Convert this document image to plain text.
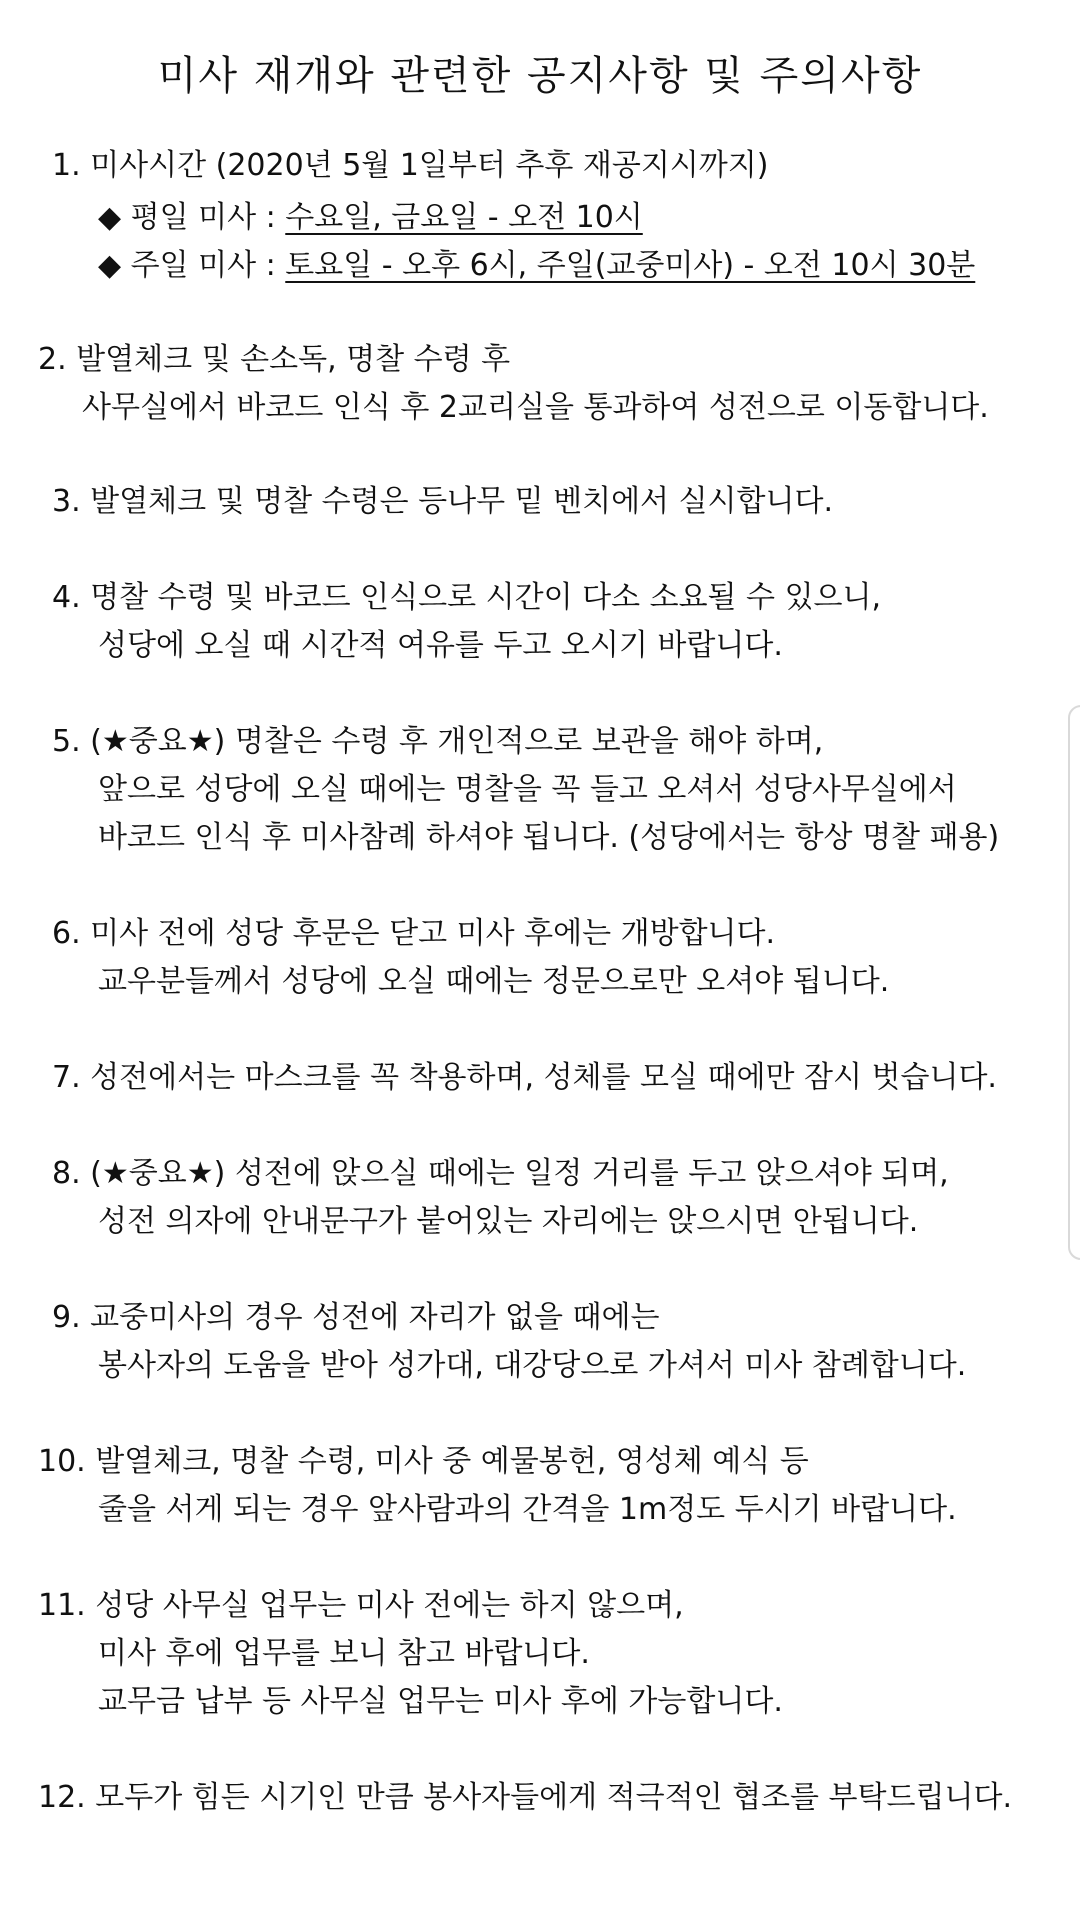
미사 재개와 관련한 공지사항 및 주의사항
1. 미사시간 (2020년 5월 1일부터 추후 재공지시까지)
◆ 평일 미사 : 수요일, 금요일 - 오전 10시
◆ 주일 미사 : 토요일 - 오후 6시, 주일(교중미사) - 오전 10시 30분
2. 발열체크 및 손소독, 명찰 수령 후
사무실에서 바코드 인식 후 2교리실을 통과하여 성전으로 이동합니다.
3. 발열체크 및 명찰 수령은 등나무 밑 벤치에서 실시합니다.
4. 명찰 수령 및 바코드 인식으로 시간이 다소 소요될 수 있으니,
성당에 오실 때 시간적 여유를 두고 오시기 바랍니다.
5. (★중요★) 명찰은 수령 후 개인적으로 보관을 해야 하며,
앞으로 성당에 오실 때에는 명찰을 꼭 들고 오셔서 성당사무실에서
바코드 인식 후 미사참례 하셔야 됩니다. (성당에서는 항상 명찰 패용)
6. 미사 전에 성당 후문은 닫고 미사 후에는 개방합니다.
교우분들께서 성당에 오실 때에는 정문으로만 오셔야 됩니다.
7. 성전에서는 마스크를 꼭 착용하며, 성체를 모실 때에만 잠시 벗습니다.
8. (★중요★) 성전에 앉으실 때에는 일정 거리를 두고 앉으셔야 되며,
성전 의자에 안내문구가 붙어있는 자리에는 앉으시면 안됩니다.
9. 교중미사의 경우 성전에 자리가 없을 때에는
봉사자의 도움을 받아 성가대, 대강당으로 가셔서 미사 참례합니다.
10. 발열체크, 명찰 수령, 미사 중 예물봉헌, 영성체 예식 등
줄을 서게 되는 경우 앞사람과의 간격을 1m정도 두시기 바랍니다.
11. 성당 사무실 업무는 미사 전에는 하지 않으며,
미사 후에 업무를 보니 참고 바랍니다.
교무금 납부 등 사무실 업무는 미사 후에 가능합니다.
12. 모두가 힘든 시기인 만큼 봉사자들에게 적극적인 협조를 부탁드립니다.
